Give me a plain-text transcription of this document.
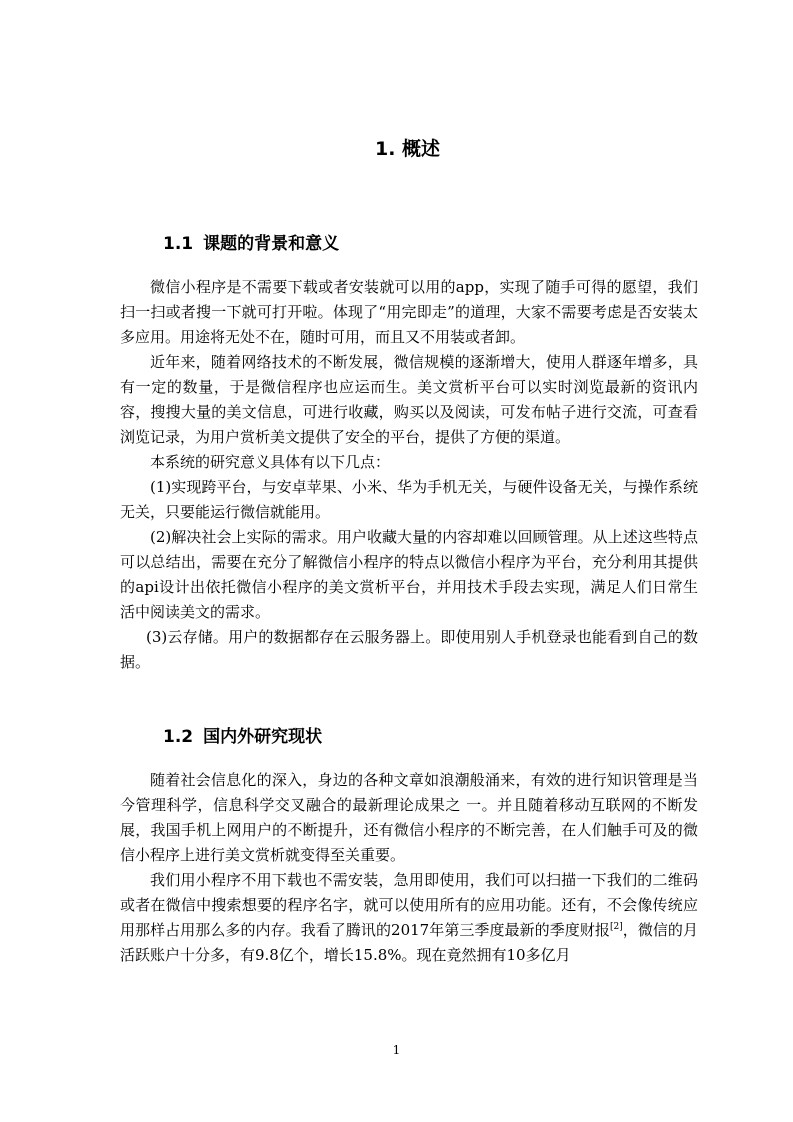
1. 概述
1.1 课题的背景和意义

微信小程序是不需要下载或者安装就可以用的app，实现了随手可得的愿望，我们扫一扫或者搜一下就可打开啦。体现了“用完即走”的道理，大家不需要考虑是否安装太多应用。用途将无处不在，随时可用，而且又不用装或者卸。

近年来，随着网络技术的不断发展，微信规模的逐渐增大，使用人群逐年增多，具有一定的数量，于是微信程序也应运而生。美文赏析平台可以实时浏览最新的资讯内容，搜搜大量的美文信息，可进行收藏，购买以及阅读，可发布帖子进行交流，可查看浏览记录，为用户赏析美文提供了安全的平台，提供了方便的渠道。

本系统的研究意义具体有以下几点：

(1)实现跨平台，与安卓苹果、小米、华为手机无关，与硬件设备无关，与操作系统无关，只要能运行微信就能用。

(2)解决社会上实际的需求。用户收藏大量的内容却难以回顾管理。从上述这些特点可以总结出，需要在充分了解微信小程序的特点以微信小程序为平台，充分利用其提供的api设计出依托微信小程序的美文赏析平台，并用技术手段去实现，满足人们日常生活中阅读美文的需求。

(3)云存储。用户的数据都存在云服务器上。即使用别人手机登录也能看到自己的数据。

1.2 国内外研究现状

随着社会信息化的深入，身边的各种文章如浪潮般涌来，有效的进行知识管理是当今管理科学，信息科学交叉融合的最新理论成果之 一。并且随着移动互联网的不断发展，我国手机上网用户的不断提升，还有微信小程序的不断完善，在人们触手可及的微信小程序上进行美文赏析就变得至关重要。

我们用小程序不用下载也不需安装，急用即使用，我们可以扫描一下我们的二维码或者在微信中搜索想要的程序名字，就可以使用所有的应用功能。还有，不会像传统应用那样占用那么多的内存。我看了腾讯的2017年第三季度最新的季度财报[2]，微信的月活跃账户十分多，有9.8亿个，增长15.8%。现在竟然拥有10多亿月

1
